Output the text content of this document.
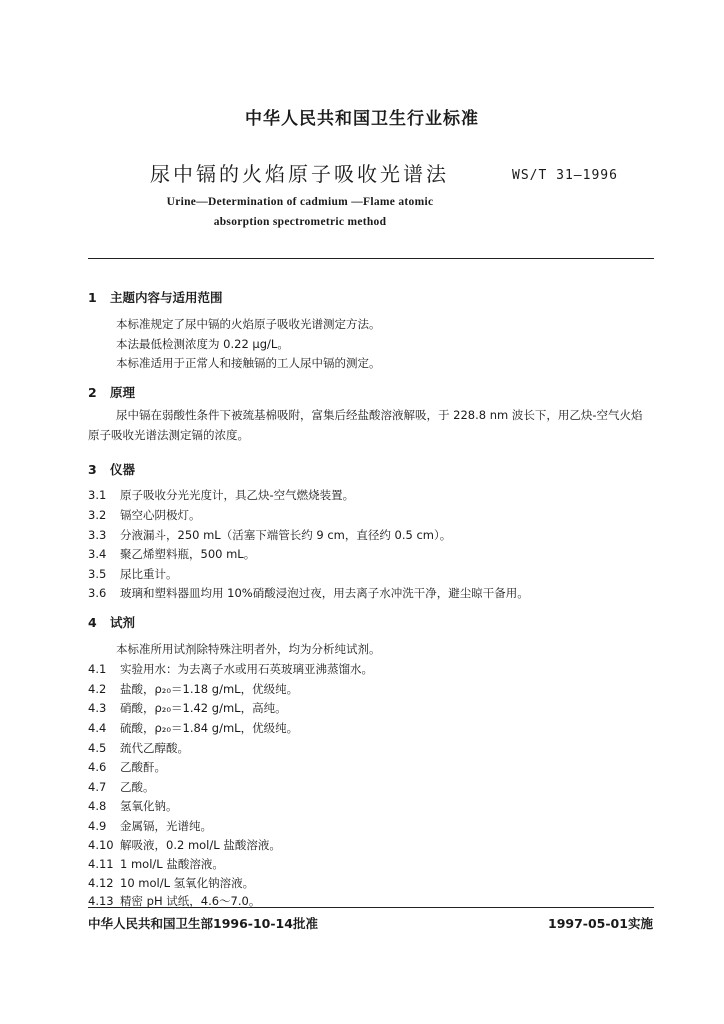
中华人民共和国卫生行业标准
尿中镉的火焰原子吸收光谱法	WS/T 31—1996
Urine—Determination of cadmium —Flame atomic
absorption spectrometric method
1 主题内容与适用范围
本标准规定了尿中镉的火焰原子吸收光谱测定方法。
本法最低检测浓度为 0.22 μg/L。
本标准适用于正常人和接触镉的工人尿中镉的测定。
2 原理
尿中镉在弱酸性条件下被巯基棉吸附，富集后经盐酸溶液解吸，于 228.8 nm 波长下，用乙炔-空气火焰原子吸收光谱法测定镉的浓度。
3 仪器
3.1 原子吸收分光光度计，具乙炔-空气燃烧装置。
3.2 镉空心阴极灯。
3.3 分液漏斗，250 mL（活塞下端管长约 9 cm，直径约 0.5 cm）。
3.4 聚乙烯塑料瓶，500 mL。
3.5 尿比重计。
3.6 玻璃和塑料器皿均用 10%硝酸浸泡过夜，用去离子水冲洗干净，避尘晾干备用。
4 试剂
本标准所用试剂除特殊注明者外，均为分析纯试剂。
4.1 实验用水：为去离子水或用石英玻璃亚沸蒸馏水。
4.2 盐酸，ρ₂₀＝1.18 g/mL，优级纯。
4.3 硝酸，ρ₂₀＝1.42 g/mL，高纯。
4.4 硫酸，ρ₂₀＝1.84 g/mL，优级纯。
4.5 巯代乙醇酸。
4.6 乙酸酐。
4.7 乙酸。
4.8 氢氧化钠。
4.9 金属镉，光谱纯。
4.10 解吸液，0.2 mol/L 盐酸溶液。
4.11 1 mol/L 盐酸溶液。
4.12 10 mol/L 氢氧化钠溶液。
4.13 精密 pH 试纸，4.6～7.0。
中华人民共和国卫生部1996-10-14批准	1997-05-01实施
